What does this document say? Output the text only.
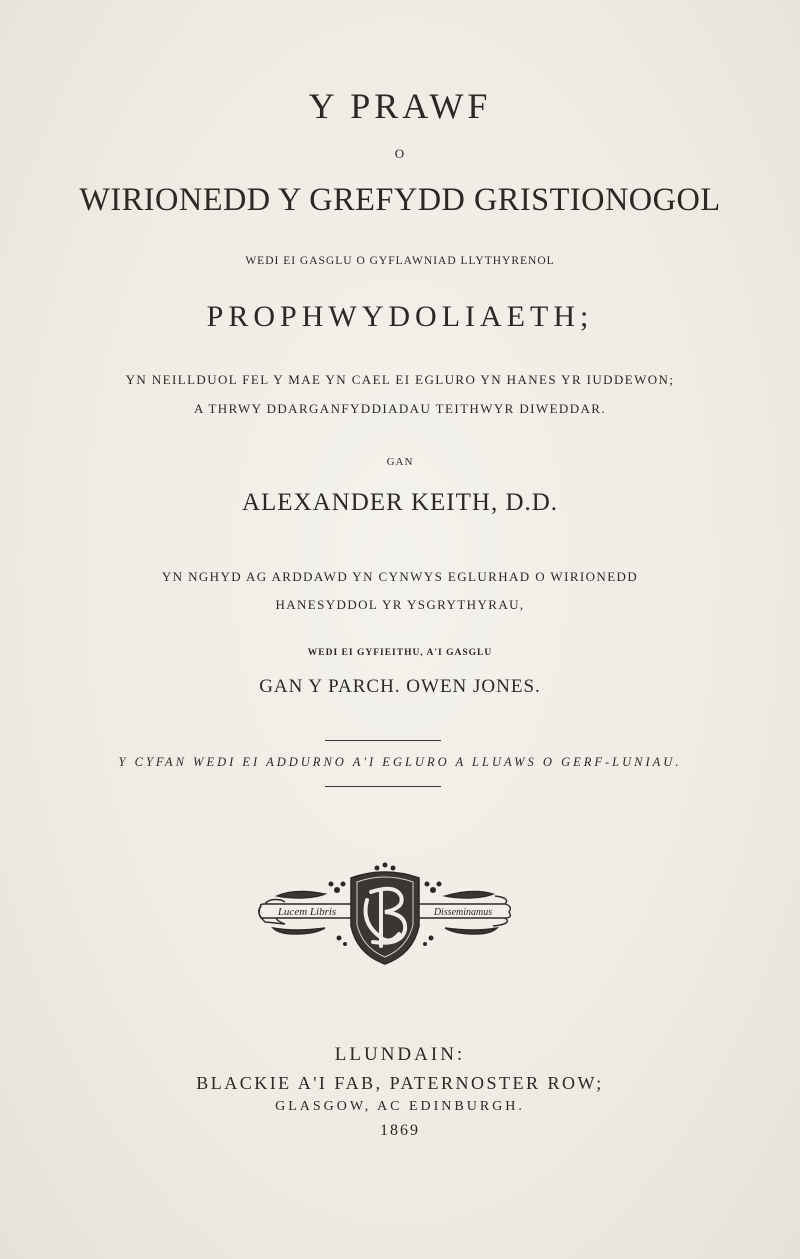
Y PRAWF
O
WIRIONEDD Y GREFYDD GRISTIONOGOL
WEDI EI GASGLU O GYFLAWNIAD LLYTHYRENOL
PROPHWYDOLIAETH;
YN NEILLDUOL FEL Y MAE YN CAEL EI EGLURO YN HANES YR IUDDEWON;
A THRWY DDARGANFYDDIADAU TEITHWYR DIWEDDAR.
GAN
ALEXANDER KEITH, D.D.
YN NGHYD AG ARDDAWD YN CYNWYS EGLURHAD O WIRIONEDD
HANESYDDOL YR YSGRYTHYRAU,
WEDI EI GYFIEITHU, A'I GASGLU
GAN Y PARCH. OWEN JONES.
Y CYFAN WEDI EI ADDURNO A'I EGLURO A LLUAWS O GERF-LUNIAU.
Lucem Libris	Disseminamus
LLUNDAIN:
BLACKIE A'I FAB, PATERNOSTER ROW;
GLASGOW, AC EDINBURGH.
1869
